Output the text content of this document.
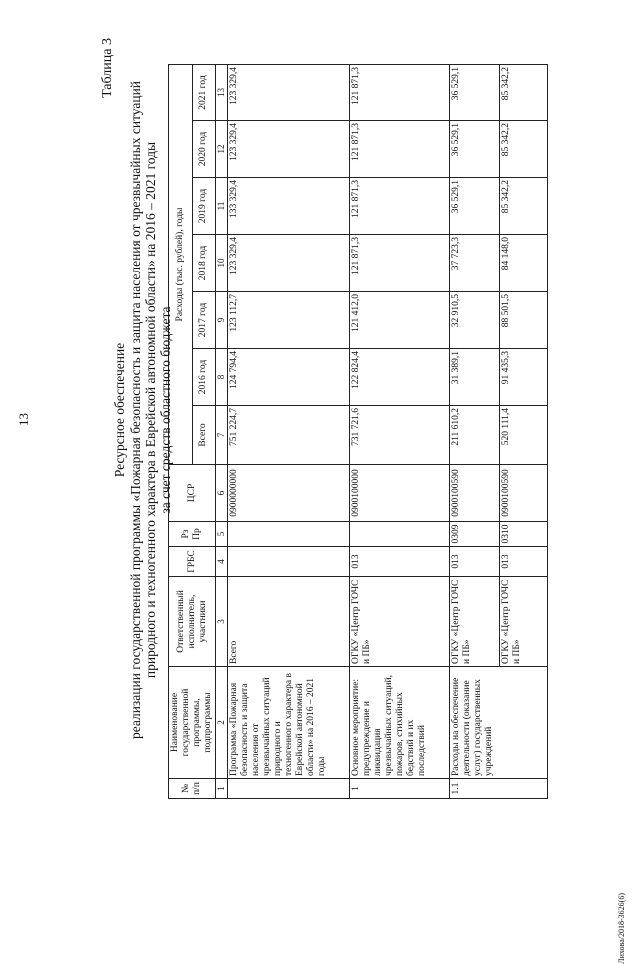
13
Лихова/2018-3626(6)
Таблица 3
Ресурсное обеспечение реализации государственной программы «Пожарная безопасность и защита населения от чрезвычайных ситуаций природного и техногенного характера в Еврейской автономной области» на 2016 – 2021 годы за счет средств областного бюджета
№ п/п	Наименование государственной программы, подпрограммы	Ответственный исполнитель, участники	ГРБС	Рз Пр	ЦСР	Расходы (тыс. рублей), годы						
						Всего	2016 год	2017 год	2018 год	2019 год	2020 год	2021 год
1	2	3	4	5	6	7	8	9	10	11	12	13
	Программа «Пожарная безопасность и защита населения от чрезвычайных ситуаций природного и техногенного характера в Еврейской автономной области» на 2016 – 2021 годы	Всего			0900000000	751 224,7	124 794,4	123 112,7	123 329,4	133 329,4	123 329,4	123 329,4
1	Основное мероприятие: предупреждение и ликвидация чрезвычайных ситуаций, пожаров, стихийных бедствий и их последствий	ОГКУ «Центр ГОЧС и ПБ»	013		0900100000	731 721,6	122 824,4	121 412,0	121 871,3	121 871,3	121 871,3	121 871,3
1.1	Расходы на обеспечение деятельности (оказание услуг) государственных учреждений	ОГКУ «Центр ГОЧС и ПБ»	013	0309	0900100590	211 610,2	31 389,1	32 910,5	37 723,3	36 529,1	36 529,1	36 529,1
		ОГКУ «Центр ГОЧС и ПБ»	013	0310	0900100590	520 111,4	91 435,3	88 501,5	84 148,0	85 342,2	85 342,2	85 342,2
